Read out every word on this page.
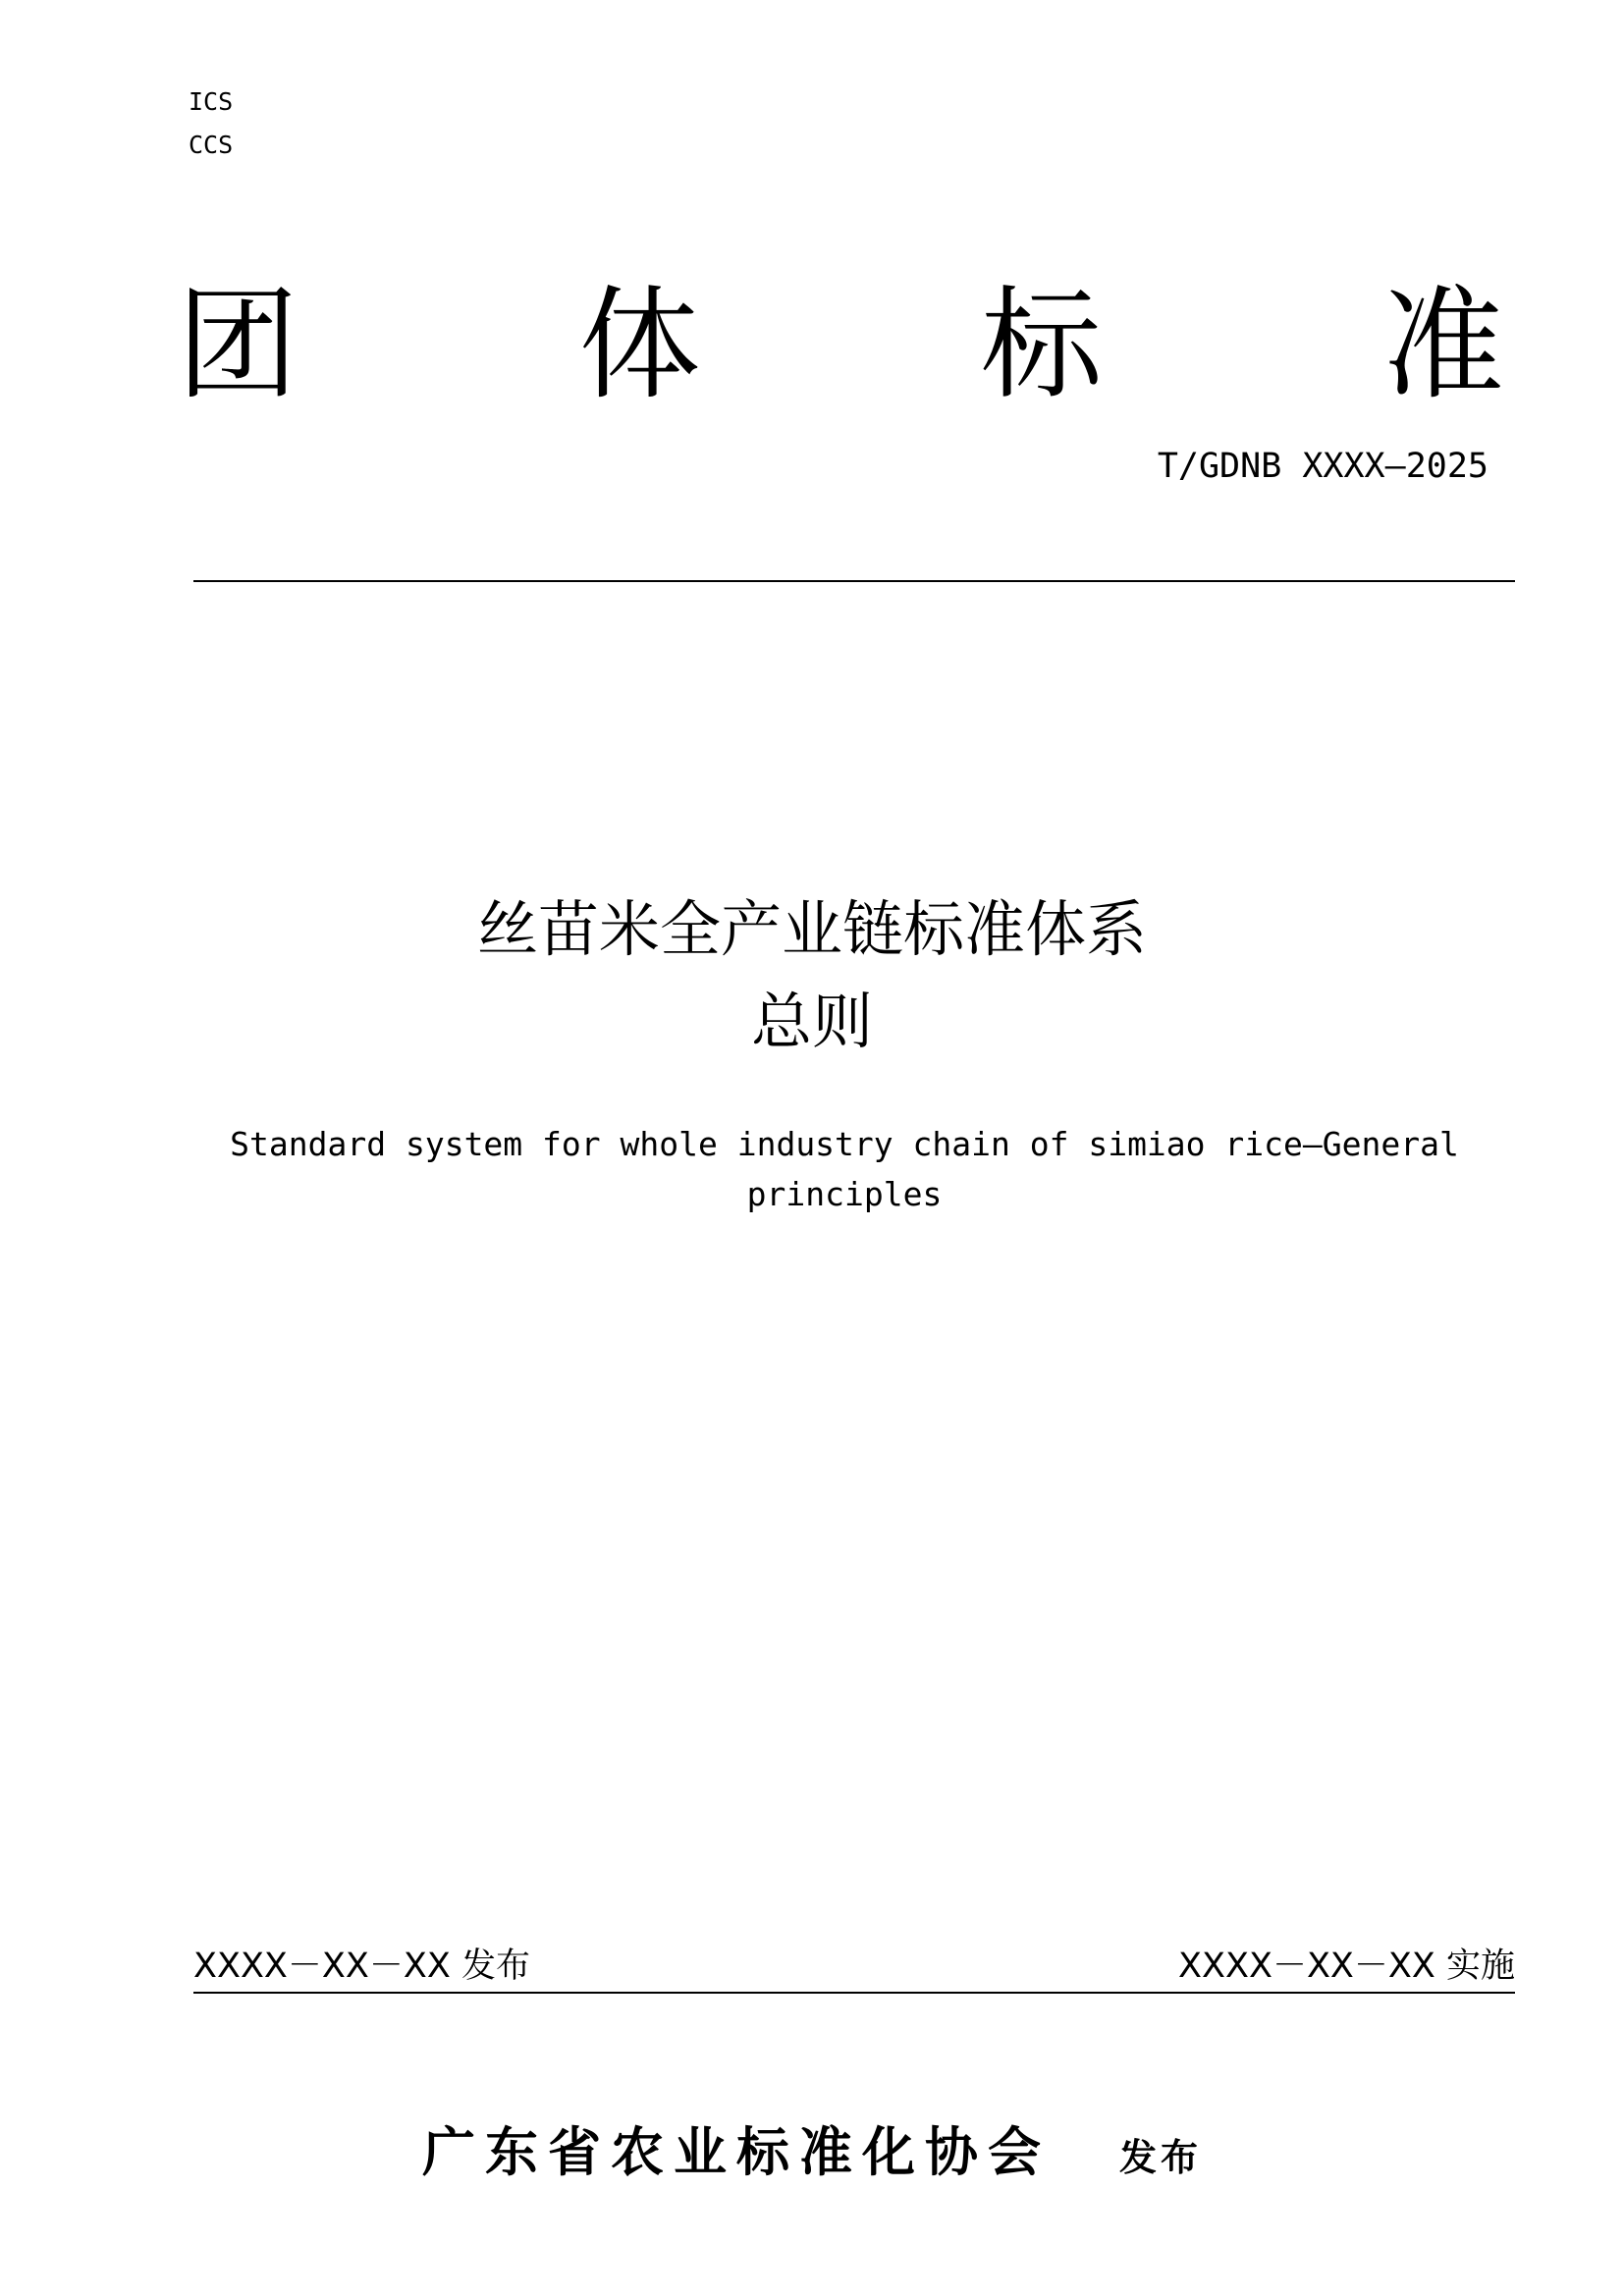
ICS
CCS
团 体 标 准
T/GDNB XXXX—2025
丝苗米全产业链标准体系
总则
Standard system for whole industry chain of simiao rice—General
principles
XXXX－XX－XX 发布	XXXX－XX－XX 实施
广东省农业标准化协会 发布
